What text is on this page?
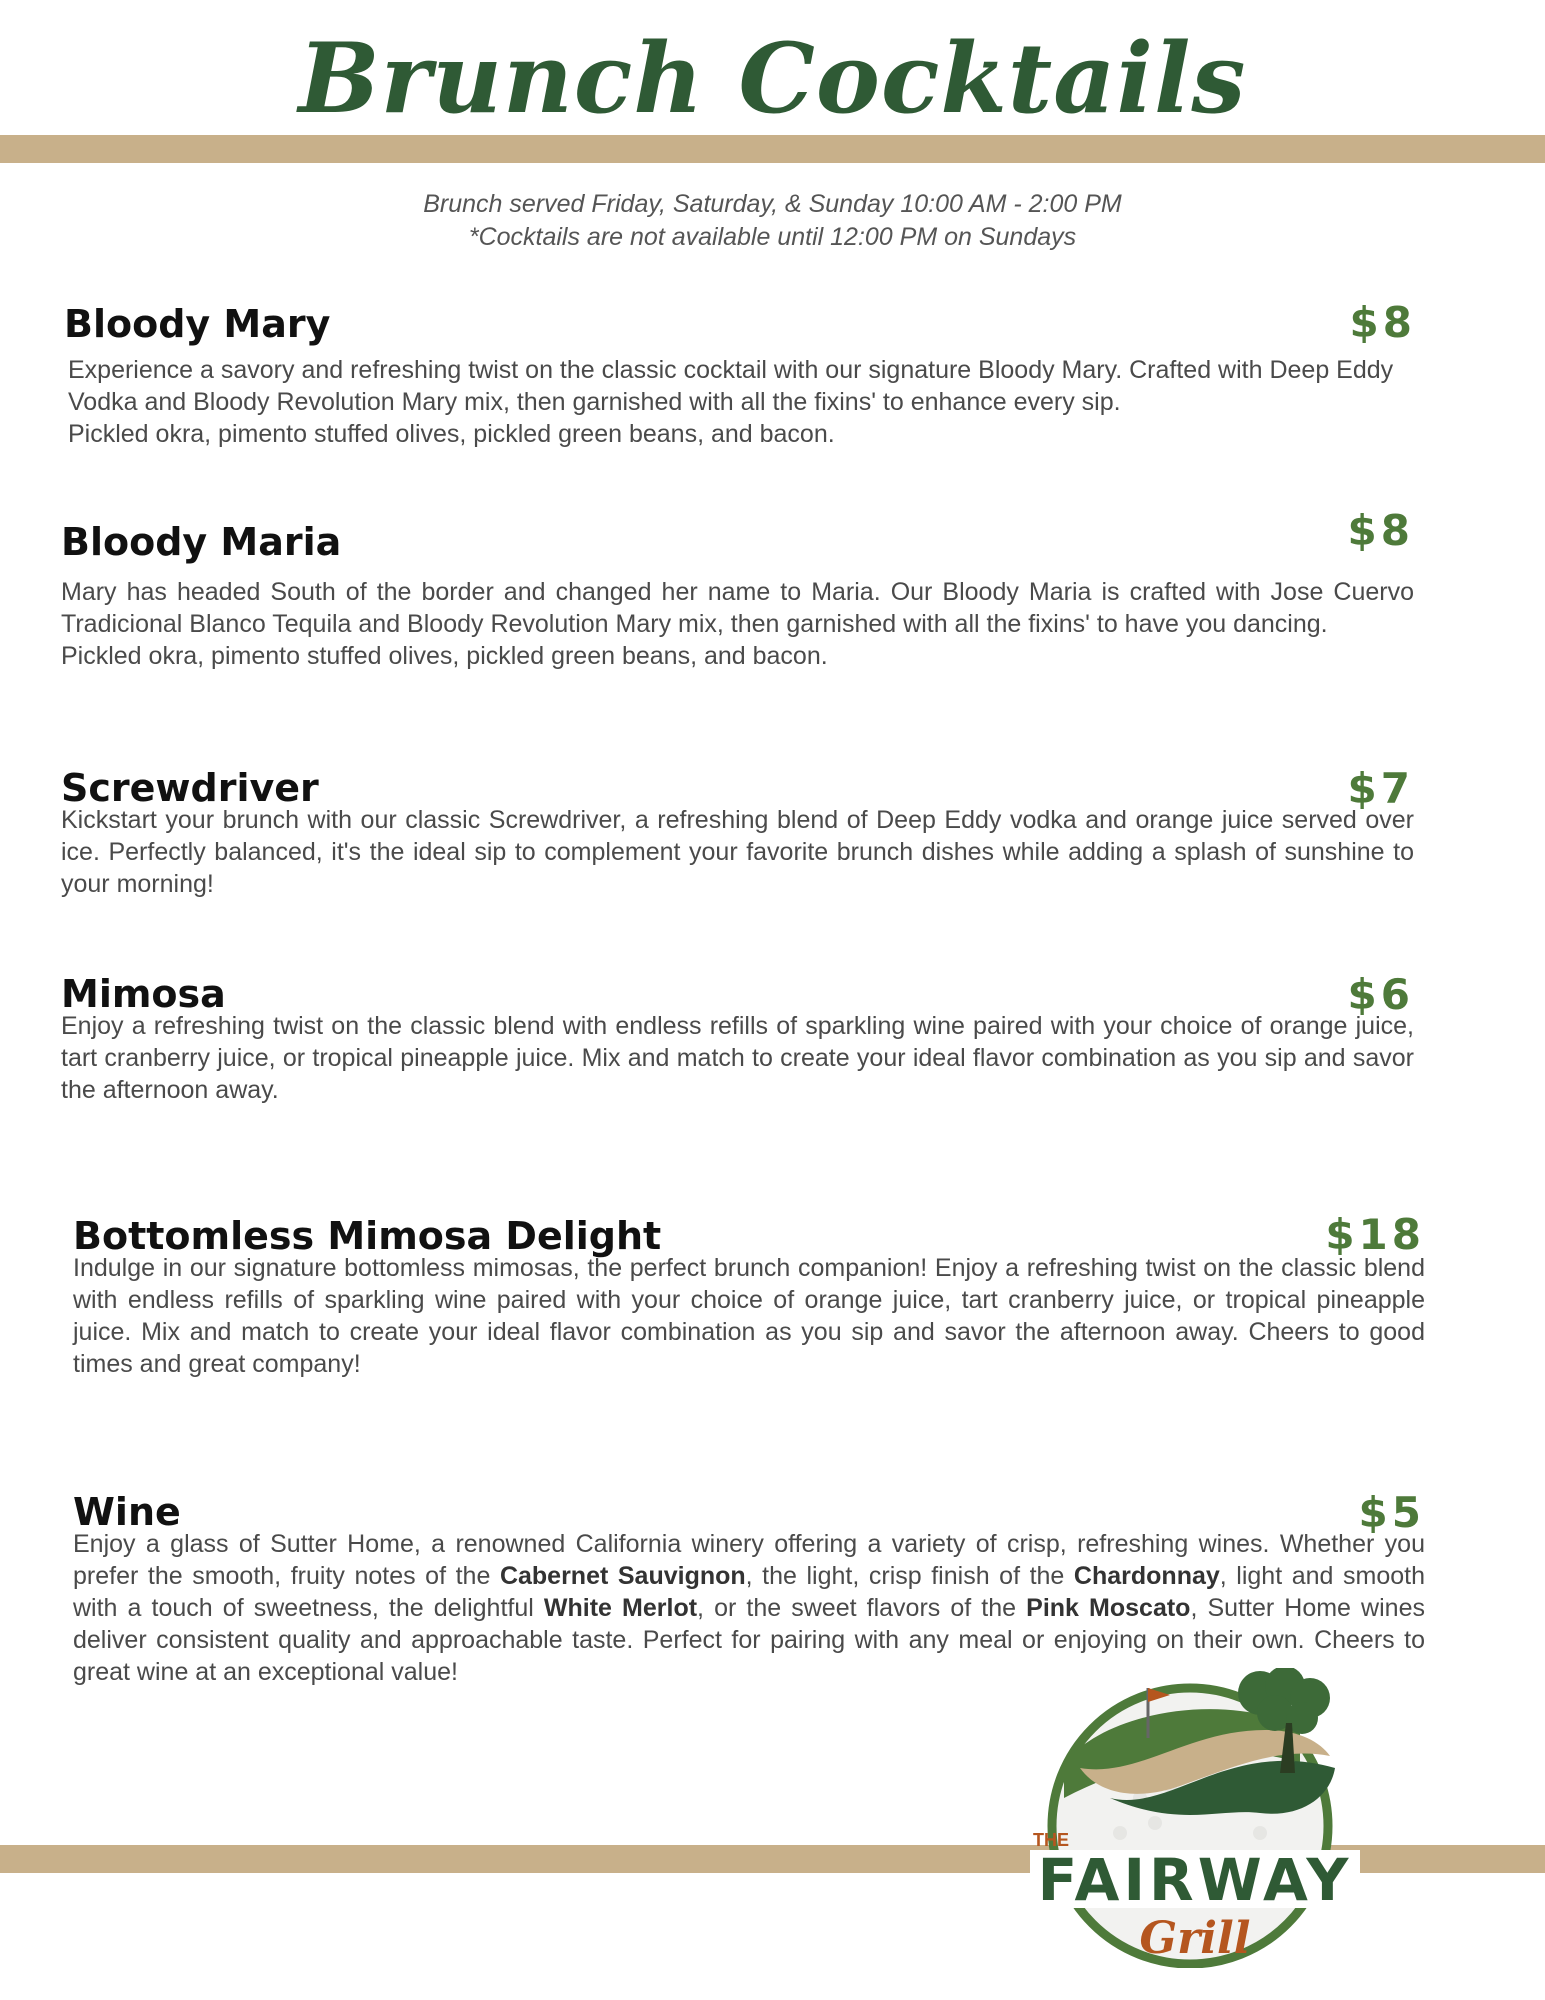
Brunch Cocktails
Brunch served Friday, Saturday, & Sunday 10:00 AM - 2:00 PM
*Cocktails are not available until 12:00 PM on Sundays
Bloody Mary	$8

Experience a savory and refreshing twist on the classic cocktail with our signature Bloody Mary. Crafted with Deep Eddy Vodka and Bloody Revolution Mary mix, then garnished with all the fixins' to enhance every sip.

Pickled okra, pimento stuffed olives, pickled green beans, and bacon.

Bloody Maria	$8

Mary has headed South of the border and changed her name to Maria. Our Bloody Maria is crafted with Jose Cuervo Tradicional Blanco Tequila and Bloody Revolution Mary mix, then garnished with all the fixins' to have you dancing.

Pickled okra, pimento stuffed olives, pickled green beans, and bacon.

Screwdriver	$7
Kickstart your brunch with our classic Screwdriver, a refreshing blend of Deep Eddy vodka and orange juice served over ice. Perfectly balanced, it's the ideal sip to complement your favorite brunch dishes while adding a splash of sunshine to your morning!
Mimosa	$6
Enjoy a refreshing twist on the classic blend with endless refills of sparkling wine paired with your choice of orange juice, tart cranberry juice, or tropical pineapple juice. Mix and match to create your ideal flavor combination as you sip and savor the afternoon away.
Bottomless Mimosa Delight	$18
Indulge in our signature bottomless mimosas, the perfect brunch companion! Enjoy a refreshing twist on the classic blend with endless refills of sparkling wine paired with your choice of orange juice, tart cranberry juice, or tropical pineapple juice. Mix and match to create your ideal flavor combination as you sip and savor the afternoon away. Cheers to good times and great company!
Wine	$5
Enjoy a glass of Sutter Home, a renowned California winery offering a variety of crisp, refreshing wines. Whether you prefer the smooth, fruity notes of the Cabernet Sauvignon, the light, crisp finish of the Chardonnay, light and smooth with a touch of sweetness, the delightful White Merlot, or the sweet flavors of the Pink Moscato, Sutter Home wines deliver consistent quality and approachable taste. Perfect for pairing with any meal or enjoying on their own. Cheers to great wine at an exceptional value!
THE
FAIRWAY
Grill
